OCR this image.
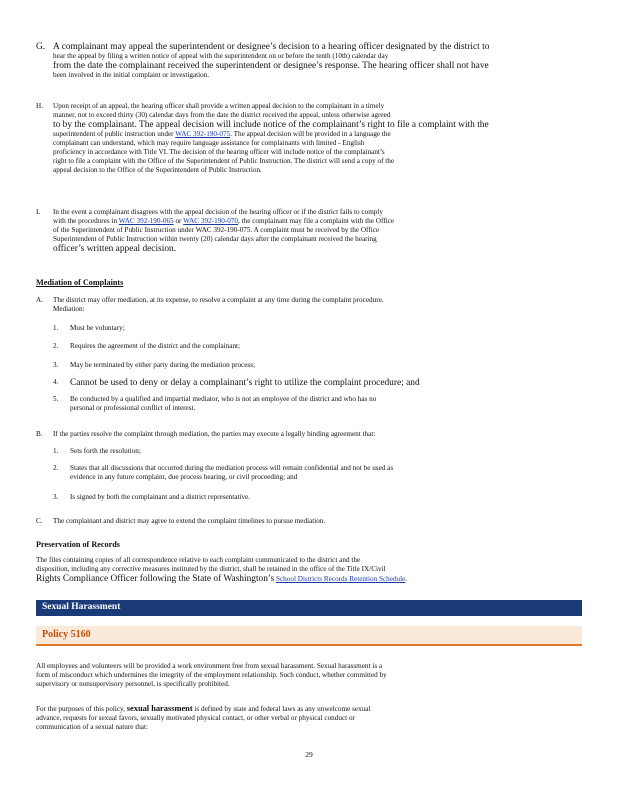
G. A complainant may appeal the superintendent or designee’s decision to a hearing officer designated by the district to
hear the appeal by filing a written notice of appeal with the superintendent on or before the tenth (10th) calendar day
from the date the complainant received the superintendent or designee’s response. The hearing officer shall not have
been involved in the initial complaint or investigation.
H. Upon receipt of an appeal, the hearing officer shall provide a written appeal decision to the complainant in a timely
manner, not to exceed thirty (30) calendar days from the date the district received the appeal, unless otherwise agreed
to by the complainant. The appeal decision will include notice of the complainant’s right to file a complaint with the
superintendent of public instruction under WAC 392-190-075. The appeal decision will be provided in a language the
complainant can understand, which may require language assistance for complainants with limited - English
proficiency in accordance with Title VI. The decision of the hearing officer will include notice of the complainant’s
right to file a complaint with the Office of the Superintendent of Public Instruction. The district will send a copy of the
appeal decision to the Office of the Superintendent of Public Instruction.
I. In the event a complainant disagrees with the appeal decision of the hearing officer or if the district fails to comply
with the procedures in WAC 392-190-065 or WAC 392-190-070, the complainant may file a complaint with the Office
of the Superintendent of Public Instruction under WAC 392-190-075. A complaint must be received by the Office
Superintendent of Public Instruction within twenty (20) calendar days after the complainant received the hearing
officer’s written appeal decision.
Mediation of Complaints
A. The district may offer mediation, at its expense, to resolve a complaint at any time during the complaint procedure.
Mediation:
1. Must be voluntary;
2. Requires the agreement of the district and the complainant;
3. May be terminated by either party during the mediation process;
4. Cannot be used to deny or delay a complainant’s right to utilize the complaint procedure; and
5. Be conducted by a qualified and impartial mediator, who is not an employee of the district and who has no
personal or professional conflict of interest.
B. If the parties resolve the complaint through mediation, the parties may execute a legally binding agreement that:
1. Sets forth the resolution;
2. States that all discussions that occurred during the mediation process will remain confidential and not be used as
evidence in any future complaint, due process hearing, or civil proceeding; and
3. Is signed by both the complainant and a district representative.
C. The complainant and district may agree to extend the complaint timelines to pursue mediation.
Preservation of Records
The files containing copies of all correspondence relative to each complaint communicated to the district and the
disposition, including any corrective measures instituted by the district, shall be retained in the office of the Title IX/Civil
Rights Compliance Officer following the State of Washington’s School Districts Records Retention Schedule.
Sexual Harassment
Policy 5160
All employees and volunteers will be provided a work environment free from sexual harassment. Sexual harassment is a
form of misconduct which undermines the integrity of the employment relationship. Such conduct, whether committed by
supervisory or nonsupervisory personnel, is specifically prohibited.
For the purposes of this policy, sexual harassment is defined by state and federal laws as any unwelcome sexual
advance, requests for sexual favors, sexually motivated physical contact, or other verbal or physical conduct or
communication of a sexual nature that:
29
